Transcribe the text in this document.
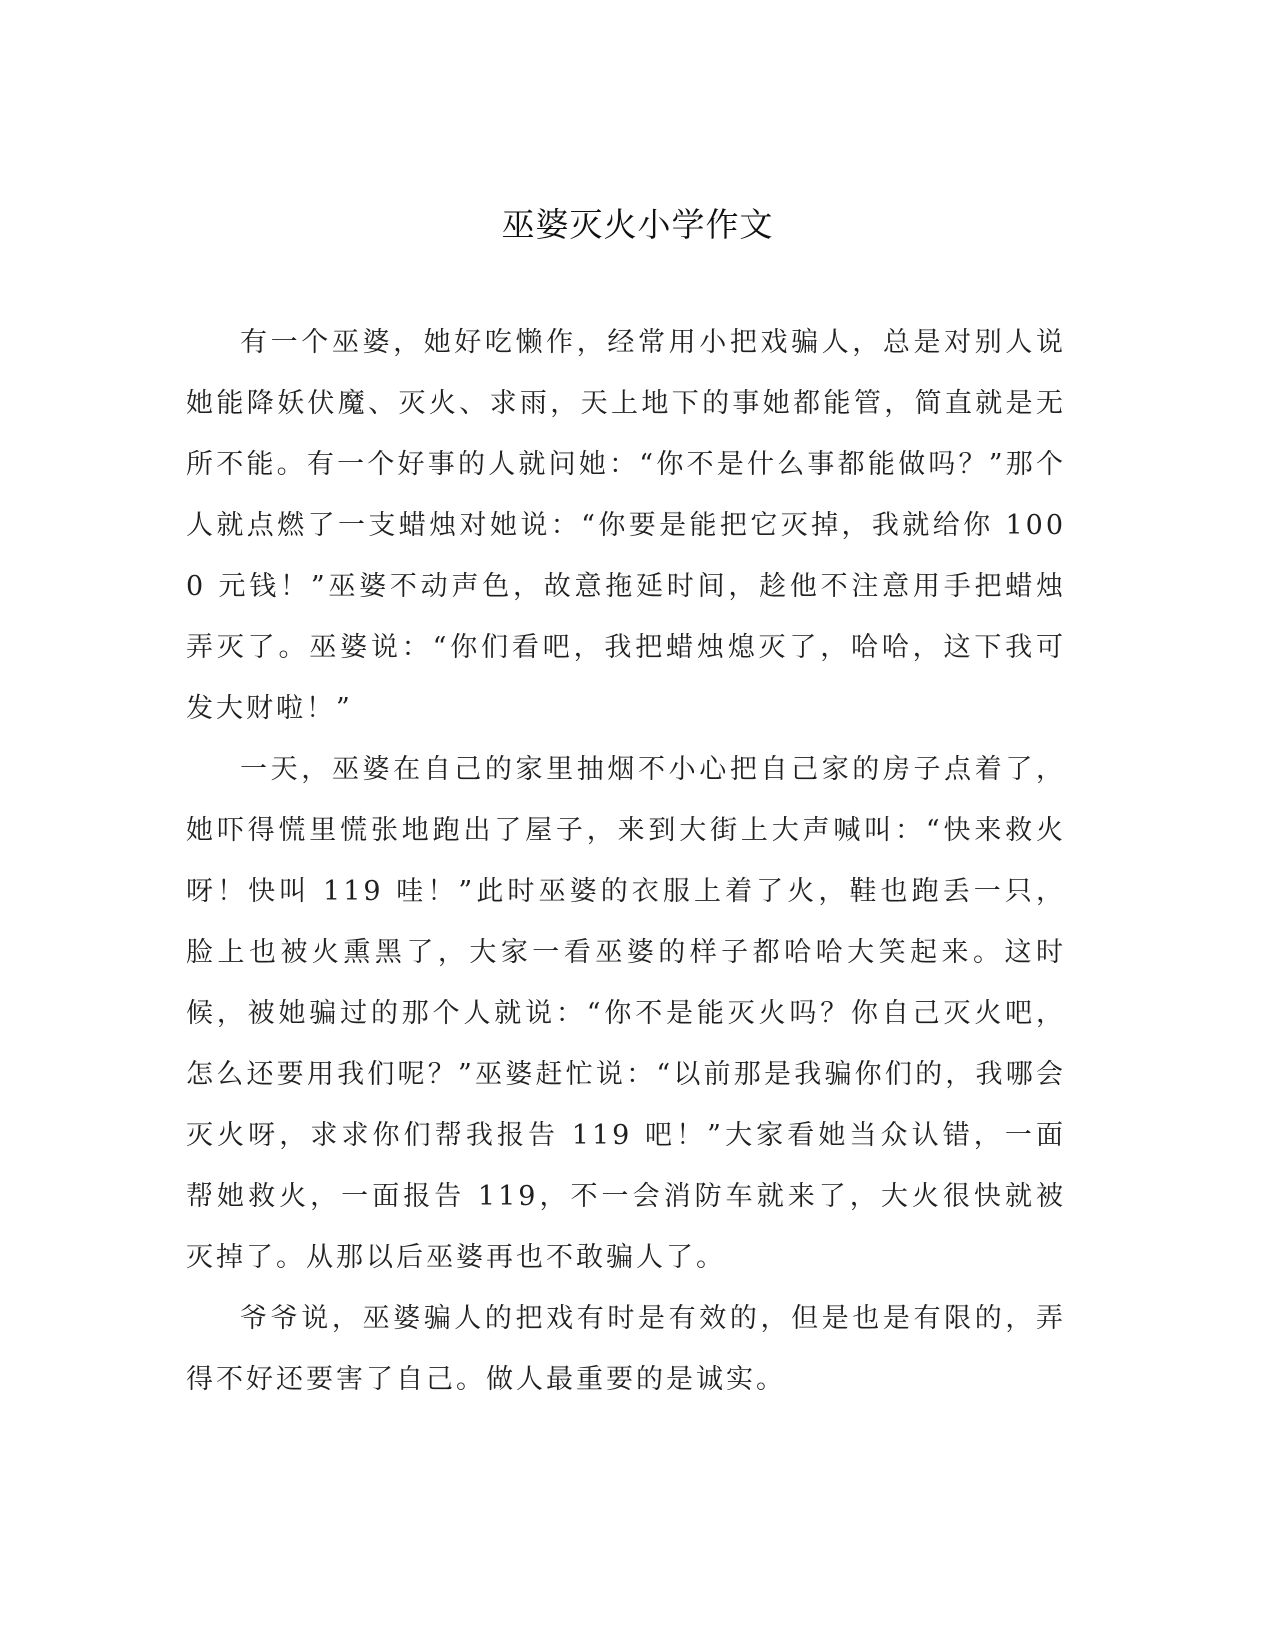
巫婆灭火小学作文

有一个巫婆，她好吃懒作，经常用小把戏骗人，总是对别人说她能降妖伏魔、灭火、求雨，天上地下的事她都能管，简直就是无所不能。有一个好事的人就问她：“你不是什么事都能做吗？”那个人就点燃了一支蜡烛对她说：“你要是能把它灭掉，我就给你 1000 元钱！”巫婆不动声色，故意拖延时间，趁他不注意用手把蜡烛弄灭了。巫婆说：“你们看吧，我把蜡烛熄灭了，哈哈，这下我可发大财啦！”

一天，巫婆在自己的家里抽烟不小心把自己家的房子点着了，她吓得慌里慌张地跑出了屋子，来到大街上大声喊叫：“快来救火呀！快叫 119 哇！”此时巫婆的衣服上着了火，鞋也跑丢一只，脸上也被火熏黑了，大家一看巫婆的样子都哈哈大笑起来。这时候，被她骗过的那个人就说：“你不是能灭火吗？你自己灭火吧，怎么还要用我们呢？”巫婆赶忙说：“以前那是我骗你们的，我哪会灭火呀，求求你们帮我报告 119 吧！”大家看她当众认错，一面帮她救火，一面报告 119，不一会消防车就来了，大火很快就被灭掉了。从那以后巫婆再也不敢骗人了。

爷爷说，巫婆骗人的把戏有时是有效的，但是也是有限的，弄得不好还要害了自己。做人最重要的是诚实。
